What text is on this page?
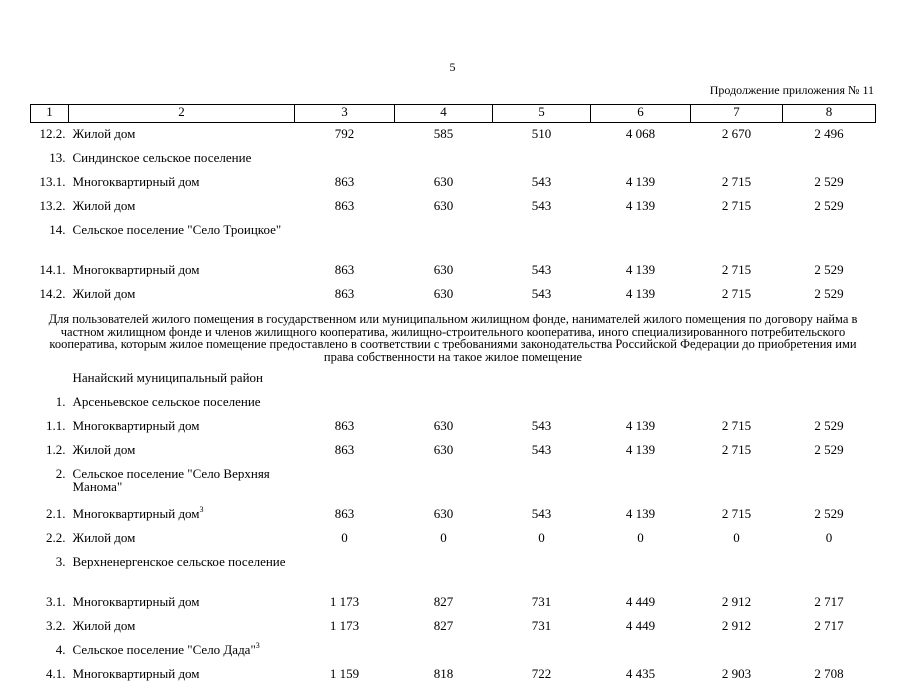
5
Продолжение приложения № 11
1	2	3	4	5	6	7	8
12.2.	Жилой дом	792	585	510	4 068	2 670	2 496
13.	Синдинское сельское поселение						
13.1.	Многоквартирный дом	863	630	543	4 139	2 715	2 529
13.2.	Жилой дом	863	630	543	4 139	2 715	2 529
14.	Сельское поселение "Село Троицкое"						
14.1.	Многоквартирный дом	863	630	543	4 139	2 715	2 529
14.2.	Жилой дом	863	630	543	4 139	2 715	2 529
Для пользователей жилого помещения в государственном или муниципальном жилищном фонде, нанимателей жилого помещения по договору найма в частном жилищном фонде и членов жилищного кооператива, жилищно-строительного кооператива, иного специализированного потребительского кооператива, которым жилое помещение предоставлено в соответствии с требованиями законодательства Российской Федерации до приобретения ими права собственности на такое жилое помещение							
	Нанайский муниципальный район						
1.	Арсеньевское сельское поселение						
1.1.	Многоквартирный дом	863	630	543	4 139	2 715	2 529
1.2.	Жилой дом	863	630	543	4 139	2 715	2 529
2.	Сельское поселение "Село Верхняя Манома"						
2.1.	Многоквартирный дом$^3$	863	630	543	4 139	2 715	2 529
2.2.	Жилой дом	0	0	0	0	0	0
3.	Верхненергенское сельское поселение						
3.1.	Многоквартирный дом	1 173	827	731	4 449	2 912	2 717
3.2.	Жилой дом	1 173	827	731	4 449	2 912	2 717
4.	Сельское поселение "Село Дада"$^3$						
4.1.	Многоквартирный дом	1 159	818	722	4 435	2 903	2 708
